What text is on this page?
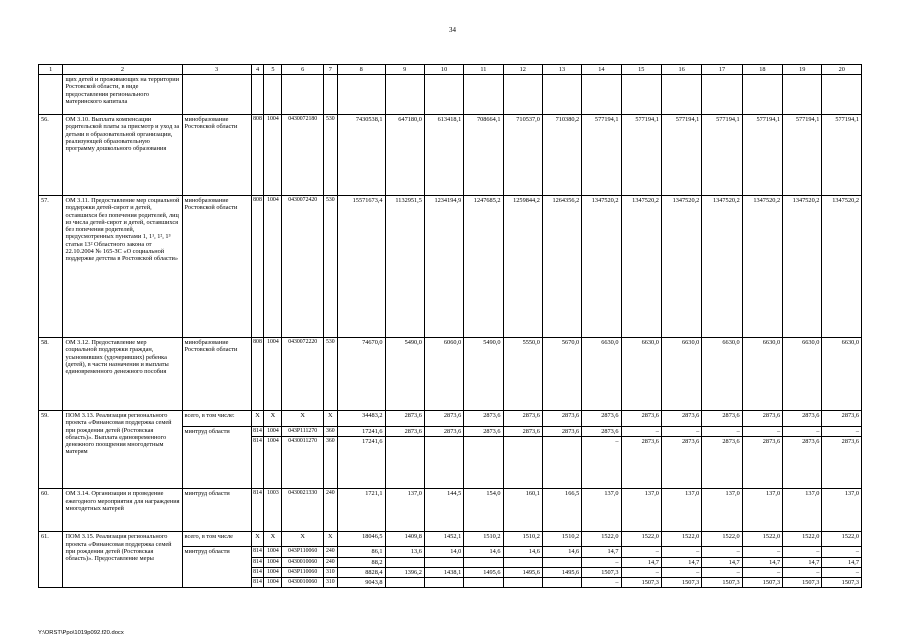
34
1	2	3	4	5	6	7	8	9	10	11	12	13	14	15	16	17	18	19	20
	щих детей и проживающих на территории Ростовской области, в виде предоставления регионального материнского капитала																		
56.	ОМ 3.10. Выплата компенсации родительской платы за присмотр и уход за детьми в образовательной организации, реализующей образовательную программу дошкольного образования	минобразование Ростовской области	808	1004	0430072180	530	7430538,1	647180,0	613418,1	708664,1	710537,0	710380,2	577194,1	577194,1	577194,1	577194,1	577194,1	577194,1	577194,1
57.	ОМ 3.11. Предоставление мер социальной поддержки детей-сирот и детей, оставшихся без попечения родителей, лиц из числа детей-сирот и детей, оставшихся без попечения родителей, предусмотренных пунктами 1, 1¹, 1², 1³ статьи 13² Областного закона от 22.10.2004 № 165-ЗС «О социальной поддержке детства в Ростовской области»	минобразование Ростовской области	808	1004	0430072420	530	15571673,4	1132951,5	1234194,9	1247685,2	1259844,2	1264356,2	1347520,2	1347520,2	1347520,2	1347520,2	1347520,2	1347520,2	1347520,2
58.	ОМ 3.12. Предоставление мер социальной поддержки граждан, усыновивших (удочеривших) ребенка (детей), в части назначения и выплаты единовременного денежного пособия	минобразование Ростовской области	808	1004	0430072220	530	74670,0	5490,0	6060,0	5490,0	5550,0	5670,0	6630,0	6630,0	6630,0	6630,0	6630,0	6630,0	6630,0
59.	ПОМ 3.13. Реализация регионального проекта «Финансовая поддержка семей при рождении детей (Ростовская область)». Выплата единовременного денежного поощрения многодетным матерям	всего, в том числе:	X	X	X	X	34483,2	2873,6	2873,6	2873,6	2873,6	2873,6	2873,6	2873,6	2873,6	2873,6	2873,6	2873,6	2873,6
		минтруд области	814	1004	043P111270	360	17241,6	2873,6	2873,6	2873,6	2873,6	2873,6	2873,6	–	–	–	–	–	–
			814	1004	0430011270	360	17241,6						–	2873,6	2873,6	2873,6	2873,6	2873,6	2873,6
60.	ОМ 3.14. Организация и проведение ежегодного мероприятия для награждения многодетных матерей	минтруд области	814	1003	0430021330	240	1721,1	137,0	144,5	154,0	160,1	166,5	137,0	137,0	137,0	137,0	137,0	137,0	137,0
61.	ПОМ 3.15. Реализация регионального проекта «Финансовая поддержка семей при рождении детей (Ростовская область)». Предоставление меры	всего, в том числе	X	X	X	X	18046,5	1409,8	1452,1	1510,2	1510,2	1510,2	1522,0	1522,0	1522,0	1522,0	1522,0	1522,0	1522,0
		минтруд области	814	1004	043P110060	240	86,1	13,6	14,0	14,6	14,6	14,6	14,7	–	–	–	–	–	–
			814	1004	0430010060	240	88,2						–	14,7	14,7	14,7	14,7	14,7	14,7
			814	1004	043P110060	310	8828,4	1396,2	1438,1	1495,6	1495,6	1495,6	1507,3	–	–	–	–	–	–
			814	1004	0430010060	310	9043,8						–	1507,3	1507,3	1507,3	1507,3	1507,3	1507,3
Y:\ORST\Ppo\1019p092.f20.docx
